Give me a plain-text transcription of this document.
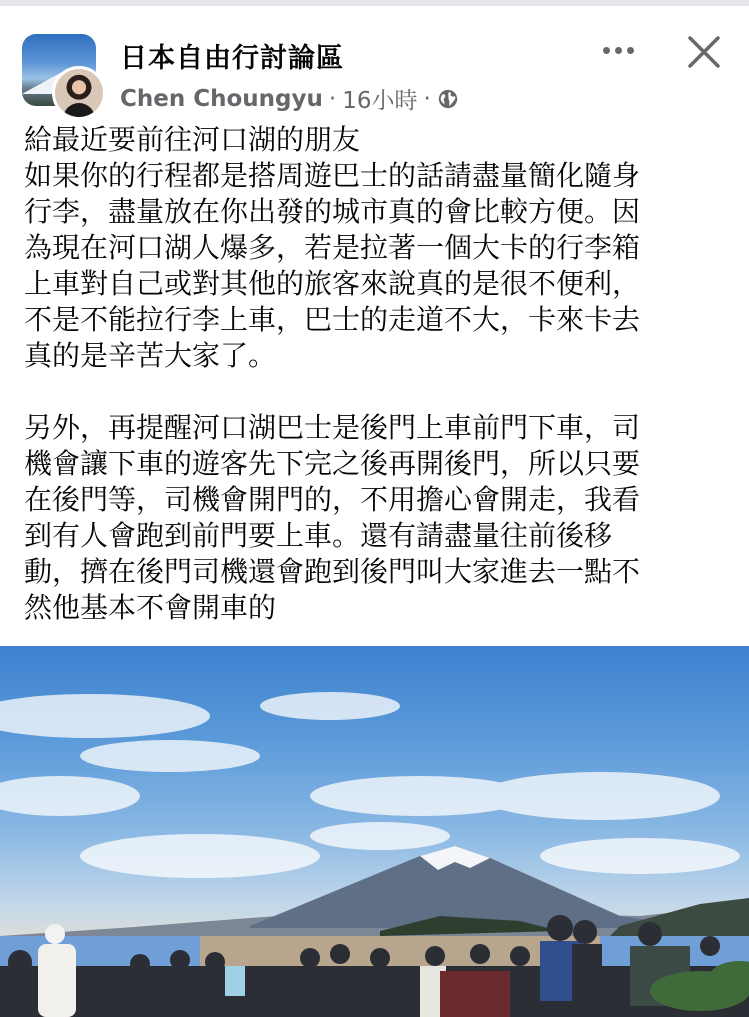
日本自由行討論區
Chen Choungyu · 16小時 ·

給最近要前往河口湖的朋友

如果你的行程都是搭周遊巴士的話請盡量簡化隨身

行李，盡量放在你出發的城市真的會比較方便。因

為現在河口湖人爆多，若是拉著一個大卡的行李箱

上車對自己或對其他的旅客來說真的是很不便利，

不是不能拉行李上車，巴士的走道不大，卡來卡去

真的是辛苦大家了。

另外，再提醒河口湖巴士是後門上車前門下車，司

機會讓下車的遊客先下完之後再開後門，所以只要

在後門等，司機會開門的，不用擔心會開走，我看

到有人會跑到前門要上車。還有請盡量往前後移

動，擠在後門司機還會跑到後門叫大家進去一點不

然他基本不會開車的
